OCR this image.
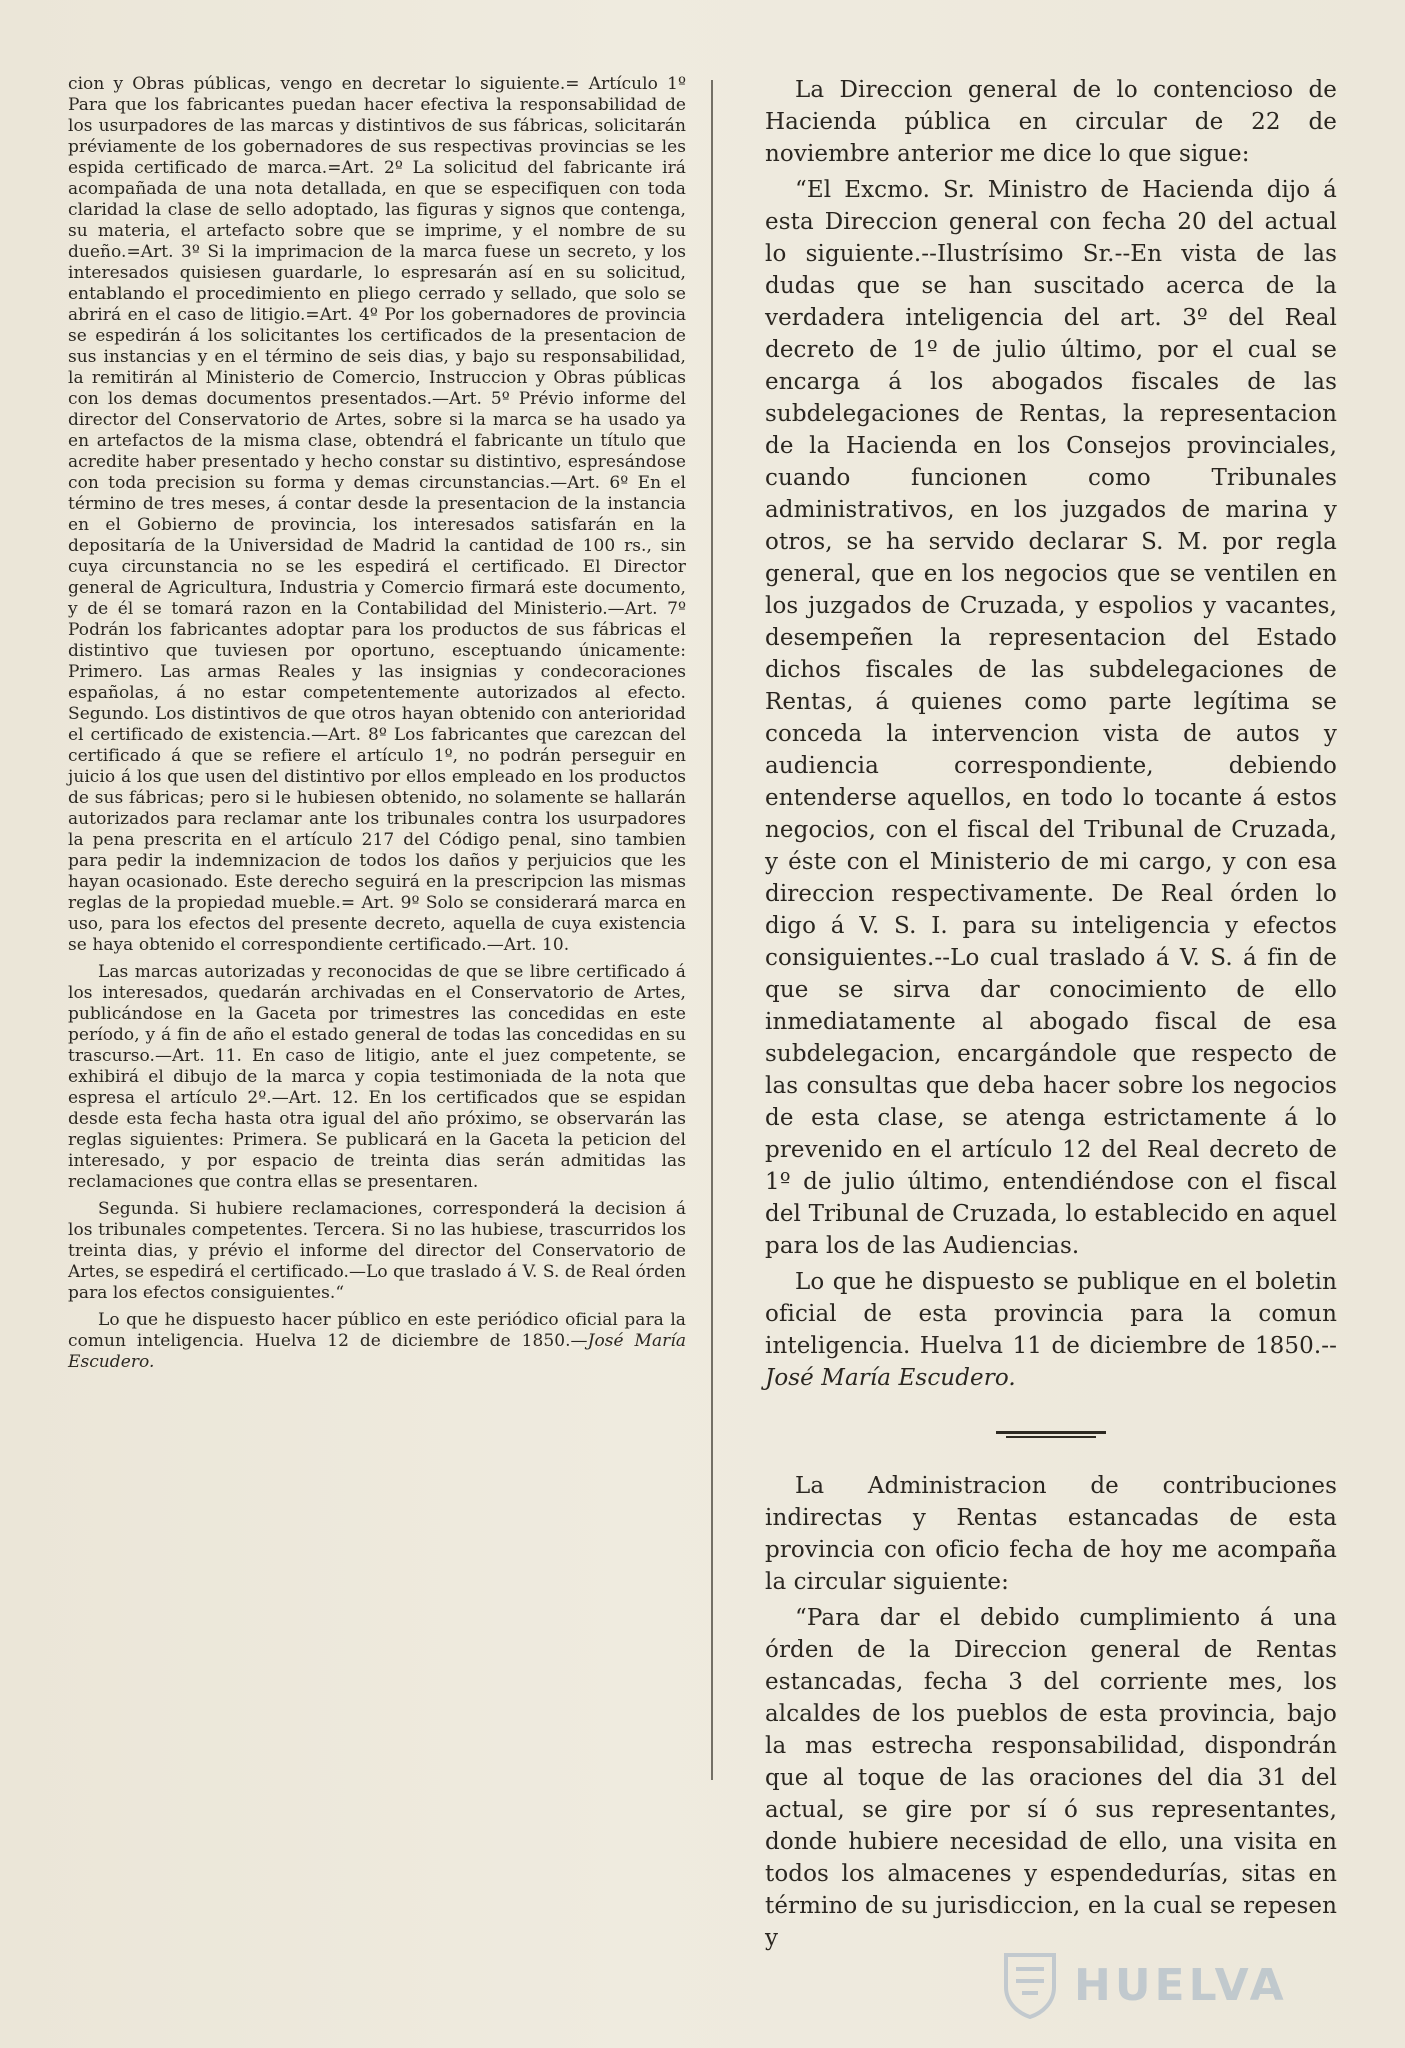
cion y Obras públicas, vengo en decretar lo siguiente.= Artículo 1º Para que los fabricantes puedan hacer efectiva la responsabilidad de los usurpadores de las marcas y distintivos de sus fábricas, solicitarán préviamente de los gobernadores de sus respectivas provincias se les espida certificado de marca.=Art. 2º La solicitud del fabricante irá acompañada de una nota detallada, en que se especifiquen con toda claridad la clase de sello adoptado, las figuras y signos que contenga, su materia, el artefacto sobre que se imprime, y el nombre de su dueño.=Art. 3º Si la imprimacion de la marca fuese un secreto, y los interesados quisiesen guardarle, lo espresarán así en su solicitud, entablando el procedimiento en pliego cerrado y sellado, que solo se abrirá en el caso de litigio.=Art. 4º Por los gobernadores de provincia se espedirán á los solicitantes los certificados de la presentacion de sus instancias y en el término de seis dias, y bajo su responsabilidad, la remitirán al Ministerio de Comercio, Instruccion y Obras públicas con los demas documentos presentados.—Art. 5º Prévio informe del director del Conservatorio de Artes, sobre si la marca se ha usado ya en artefactos de la misma clase, obtendrá el fabricante un título que acredite haber presentado y hecho constar su distintivo, espresándose con toda precision su forma y demas circunstancias.—Art. 6º En el término de tres meses, á contar desde la presentacion de la instancia en el Gobierno de provincia, los interesados satisfarán en la depositaría de la Universidad de Madrid la cantidad de 100 rs., sin cuya circunstancia no se les espedirá el certificado. El Director general de Agricultura, Industria y Comercio firmará este documento, y de él se tomará razon en la Contabilidad del Ministerio.—Art. 7º Podrán los fabricantes adoptar para los productos de sus fábricas el distintivo que tuviesen por oportuno, esceptuando únicamente: Primero. Las armas Reales y las insignias y condecoraciones españolas, á no estar competentemente autorizados al efecto. Segundo. Los distintivos de que otros hayan obtenido con anterioridad el certificado de existencia.—Art. 8º Los fabricantes que carezcan del certificado á que se refiere el artículo 1º, no podrán perseguir en juicio á los que usen del distintivo por ellos empleado en los productos de sus fábricas; pero si le hubiesen obtenido, no solamente se hallarán autorizados para reclamar ante los tribunales contra los usurpadores la pena prescrita en el artículo 217 del Código penal, sino tambien para pedir la indemnizacion de todos los daños y perjuicios que les hayan ocasionado. Este derecho seguirá en la prescripcion las mismas reglas de la propiedad mueble.= Art. 9º Solo se considerará marca en uso, para los efectos del presente decreto, aquella de cuya existencia se haya obtenido el correspondiente certificado.—Art. 10.

Las marcas autorizadas y reconocidas de que se libre certificado á los interesados, quedarán archivadas en el Conservatorio de Artes, publicándose en la Gaceta por trimestres las concedidas en este período, y á fin de año el estado general de todas las concedidas en su trascurso.—Art. 11. En caso de litigio, ante el juez competente, se exhibirá el dibujo de la marca y copia testimoniada de la nota que espresa el artículo 2º.—Art. 12. En los certificados que se espidan desde esta fecha hasta otra igual del año próximo, se observarán las reglas siguientes: Primera. Se publicará en la Gaceta la peticion del interesado, y por espacio de treinta dias serán admitidas las reclamaciones que contra ellas se presentaren.

Segunda. Si hubiere reclamaciones, corresponderá la decision á los tribunales competentes. Tercera. Si no las hubiese, trascurridos los treinta dias, y prévio el informe del director del Conservatorio de Artes, se espedirá el certificado.—Lo que traslado á V. S. de Real órden para los efectos consiguientes.“

Lo que he dispuesto hacer público en este periódico oficial para la comun inteligencia. Huelva 12 de diciembre de 1850.—José María Escudero.

La Direccion general de lo contencioso de Hacienda pública en circular de 22 de noviembre anterior me dice lo que sigue:

“El Excmo. Sr. Ministro de Hacienda dijo á esta Direccion general con fecha 20 del actual lo siguiente.--Ilustrísimo Sr.--En vista de las dudas que se han suscitado acerca de la verdadera inteligencia del art. 3º del Real decreto de 1º de julio último, por el cual se encarga á los abogados fiscales de las subdelegaciones de Rentas, la representacion de la Hacienda en los Consejos provinciales, cuando funcionen como Tribunales administrativos, en los juzgados de marina y otros, se ha servido declarar S. M. por regla general, que en los negocios que se ventilen en los juzgados de Cruzada, y espolios y vacantes, desempeñen la representacion del Estado dichos fiscales de las subdelegaciones de Rentas, á quienes como parte legítima se conceda la intervencion vista de autos y audiencia correspondiente, debiendo entenderse aquellos, en todo lo tocante á estos negocios, con el fiscal del Tribunal de Cruzada, y éste con el Ministerio de mi cargo, y con esa direccion respectivamente. De Real órden lo digo á V. S. I. para su inteligencia y efectos consiguientes.--Lo cual traslado á V. S. á fin de que se sirva dar conocimiento de ello inmediatamente al abogado fiscal de esa subdelegacion, encargándole que respecto de las consultas que deba hacer sobre los negocios de esta clase, se atenga estrictamente á lo prevenido en el artículo 12 del Real decreto de 1º de julio último, entendiéndose con el fiscal del Tribunal de Cruzada, lo establecido en aquel para los de las Audiencias.

Lo que he dispuesto se publique en el boletin oficial de esta provincia para la comun inteligencia. Huelva 11 de diciembre de 1850.--José María Escudero.

La Administracion de contribuciones indirectas y Rentas estancadas de esta provincia con oficio fecha de hoy me acompaña la circular siguiente:

“Para dar el debido cumplimiento á una órden de la Direccion general de Rentas estancadas, fecha 3 del corriente mes, los alcaldes de los pueblos de esta provincia, bajo la mas estrecha responsabilidad, dispondrán que al toque de las oraciones del dia 31 del actual, se gire por sí ó sus representantes, donde hubiere necesidad de ello, una visita en todos los almacenes y espendedurías, sitas en término de su jurisdiccion, en la cual se repesen y

HUELVA
